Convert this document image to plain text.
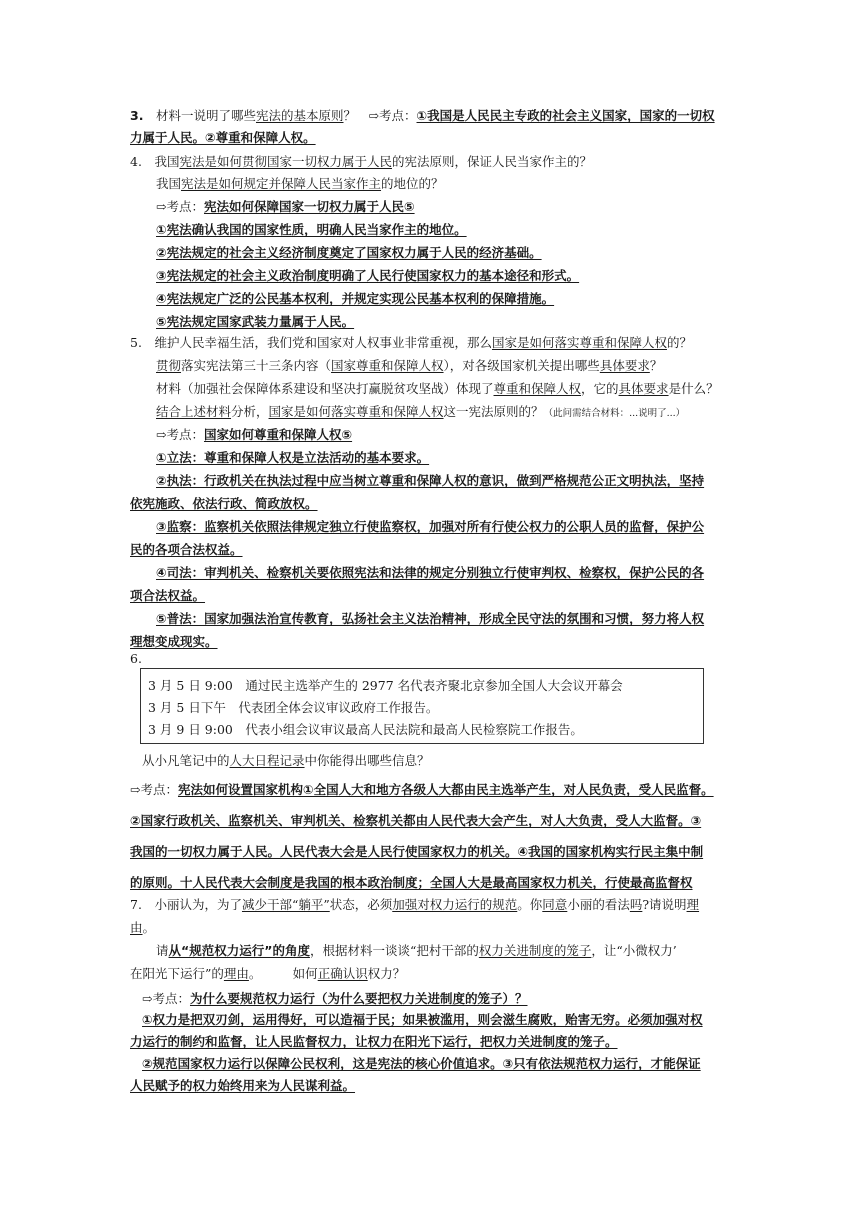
3.　 材料一说明了哪些宪法的基本原则？　 ⇨考点：①我国是人民民主专政的社会主义国家，国家的一切权
力属于人民。②尊重和保障人权。
4.　 我国宪法是如何贯彻国家一切权力属于人民的宪法原则，保证人民当家作主的？
我国宪法是如何规定并保障人民当家作主的地位的？
⇨考点：宪法如何保障国家一切权力属于人民⑤
①宪法确认我国的国家性质，明确人民当家作主的地位。
②宪法规定的社会主义经济制度奠定了国家权力属于人民的经济基础。
③宪法规定的社会主义政治制度明确了人民行使国家权力的基本途径和形式。
④宪法规定广泛的公民基本权利，并规定实现公民基本权利的保障措施。
⑤宪法规定国家武装力量属于人民。
5.　 维护人民幸福生活，我们党和国家对人权事业非常重视，那么国家是如何落实尊重和保障人权的？
贯彻落实宪法第三十三条内容（国家尊重和保障人权），对各级国家机关提出哪些具体要求？
材料（加强社会保障体系建设和坚决打赢脱贫攻坚战）体现了尊重和保障人权，它的具体要求是什么？
结合上述材料分析，国家是如何落实尊重和保障人权这一宪法原则的？（此问需结合材料：...说明了...）
⇨考点：国家如何尊重和保障人权⑤
①立法：尊重和保障人权是立法活动的基本要求。
②执法：行政机关在执法过程中应当树立尊重和保障人权的意识，做到严格规范公正文明执法，坚持
依宪施政、依法行政、简政放权。
③监察：监察机关依照法律规定独立行使监察权，加强对所有行使公权力的公职人员的监督，保护公
民的各项合法权益。
④司法：审判机关、检察机关要依照宪法和法律的规定分别独立行使审判权、检察权，保护公民的各
项合法权益。
⑤普法：国家加强法治宣传教育，弘扬社会主义法治精神，形成全民守法的氛围和习惯，努力将人权
理想变成现实。
6.
3 月 5 日 9:00　通过民主选举产生的 2977 名代表齐聚北京参加全国人大会议开幕会
3 月 5 日下午　代表团全体会议审议政府工作报告。
3 月 9 日 9:00　代表小组会议审议最高人民法院和最高人民检察院工作报告。
从小凡笔记中的人大日程记录中你能得出哪些信息？
⇨考点：宪法如何设置国家机构①全国人大和地方各级人大都由民主选举产生，对人民负责，受人民监督。
②国家行政机关、监察机关、审判机关、检察机关都由人民代表大会产生，对人大负责，受人大监督。③
我国的一切权力属于人民。人民代表大会是人民行使国家权力的机关。④我国的国家机构实行民主集中制
的原则。十人民代表大会制度是我国的根本政治制度；全国人大是最高国家权力机关，行使最高监督权
7.　 小丽认为，为了减少干部“躺平”状态，必须加强对权力运行的规范。你同意小丽的看法吗?请说明理
由。
请从“规范权力运行”的角度，根据材料一谈谈“把村干部的权力关进制度的笼子，让“小微权力’
在阳光下运行”的理由。　　　如何正确认识权力？
⇨考点：为什么要规范权力运行（为什么要把权力关进制度的笼子）？
①权力是把双刃剑，运用得好，可以造福于民；如果被滥用，则会滋生腐败，贻害无穷。必须加强对权
力运行的制约和监督，让人民监督权力，让权力在阳光下运行，把权力关进制度的笼子。
②规范国家权力运行以保障公民权利，这是宪法的核心价值追求。③只有依法规范权力运行，才能保证
人民赋予的权力始终用来为人民谋利益。
